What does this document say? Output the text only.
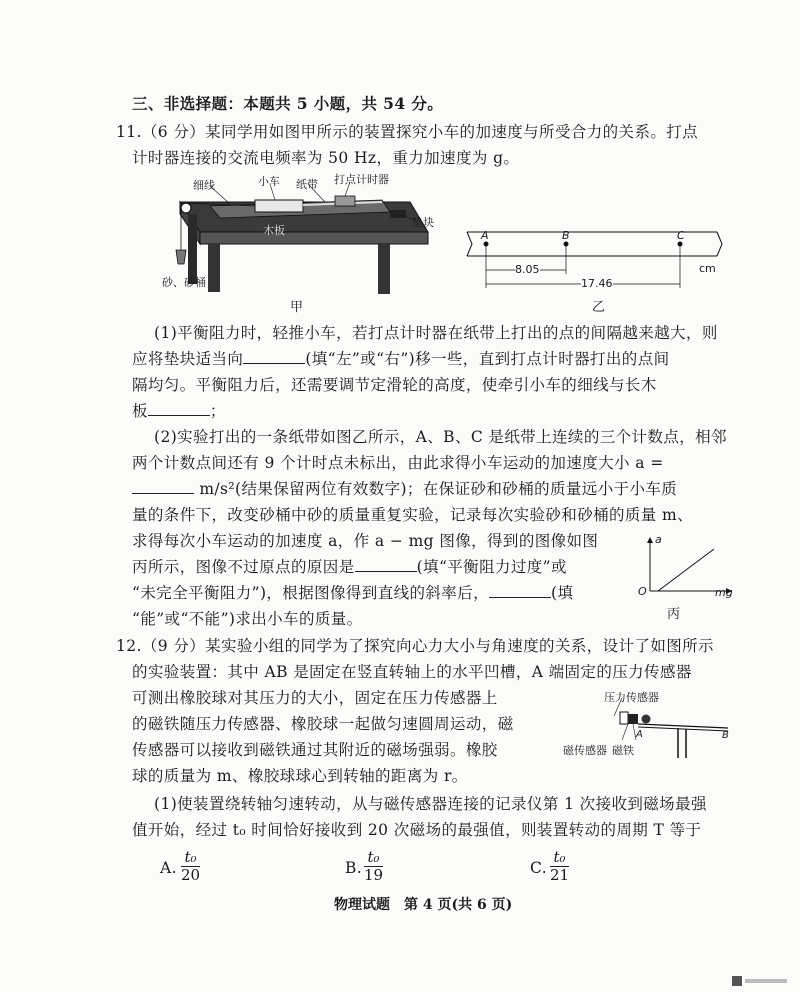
三、非选择题：本题共 5 小题，共 54 分。
11.（6 分）某同学用如图甲所示的装置探究小车的加速度与所受合力的关系。打点
计时器连接的交流电频率为 50 Hz，重力加速度为 g。
细线	小车 纸带 打点计时器
垫块
木板
砂、砂桶
甲
A	B	C
8.05
17.46
cm
乙
(1)平衡阻力时，轻推小车，若打点计时器在纸带上打出的点的间隔越来越大，则
应将垫块适当向	(填“左”或“右”)移一些，直到打点计时器打出的点间
隔均匀。平衡阻力后，还需要调节定滑轮的高度，使牵引小车的细线与长木
板	；
(2)实验打出的一条纸带如图乙所示，A、B、C 是纸带上连续的三个计数点，相邻
两个计数点间还有 9 个计时点未标出，由此求得小车运动的加速度大小 a =
m/s²(结果保留两位有效数字)；在保证砂和砂桶的质量远小于小车质
量的条件下，改变砂桶中砂的质量重复实验，记录每次实验砂和砂桶的质量 m、
求得每次小车运动的加速度 a，作 a − mg 图像，得到的图像如图
丙所示，图像不过原点的原因是	(填“平衡阻力过度”或
“未完全平衡阻力”)，根据图像得到直线的斜率后，	(填
“能”或“不能”)求出小车的质量。
a
mg
O
丙
12.（9 分）某实验小组的同学为了探究向心力大小与角速度的关系，设计了如图所示
的实验装置：其中 AB 是固定在竖直转轴上的水平凹槽，A 端固定的压力传感器
可测出橡胶球对其压力的大小，固定在压力传感器上
的磁铁随压力传感器、橡胶球一起做匀速圆周运动，磁
传感器可以接收到磁铁通过其附近的磁场强弱。橡胶
球的质量为 m、橡胶球球心到转轴的距离为 r。
压力传感器
磁传感器 磁铁
A	B
(1)使装置绕转轴匀速转动，从与磁传感器连接的记录仪第 1 次接收到磁场最强
值开始，经过 t₀ 时间恰好接收到 20 次磁场的最强值，则装置转动的周期 T 等于
A. $\frac{\text{t₀}}{20}$	B. $\frac{\text{t₀}}{19}$	C. $\frac{\text{t₀}}{21}$
物理试题　第 4 页(共 6 页)
